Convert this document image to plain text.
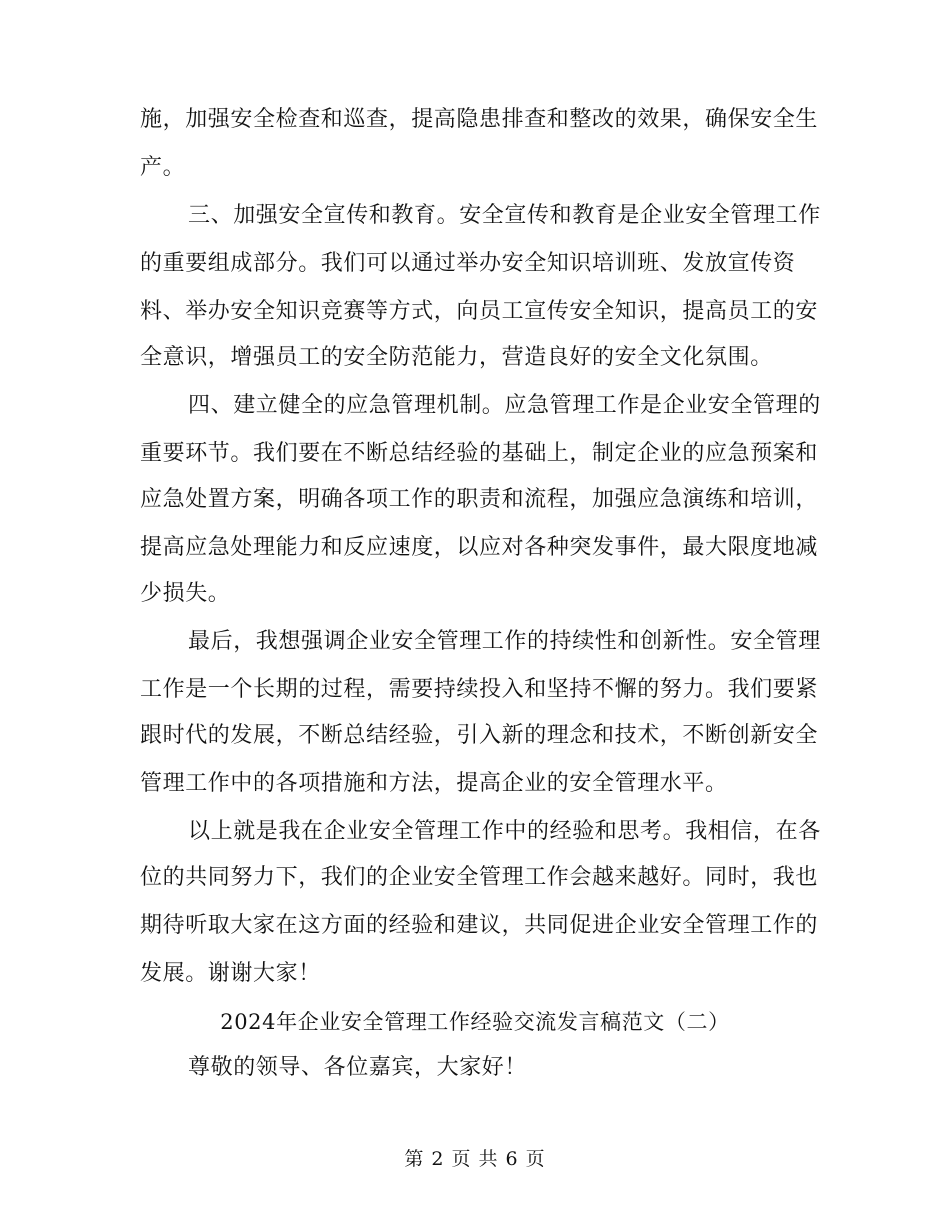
施，加强安全检查和巡查，提高隐患排查和整改的效果，确保安全生
产。
三、加强安全宣传和教育。安全宣传和教育是企业安全管理工作
的重要组成部分。我们可以通过举办安全知识培训班、发放宣传资
料、举办安全知识竞赛等方式，向员工宣传安全知识，提高员工的安
全意识，增强员工的安全防范能力，营造良好的安全文化氛围。
四、建立健全的应急管理机制。应急管理工作是企业安全管理的
重要环节。我们要在不断总结经验的基础上，制定企业的应急预案和
应急处置方案，明确各项工作的职责和流程，加强应急演练和培训，
提高应急处理能力和反应速度，以应对各种突发事件，最大限度地减
少损失。
最后，我想强调企业安全管理工作的持续性和创新性。安全管理
工作是一个长期的过程，需要持续投入和坚持不懈的努力。我们要紧
跟时代的发展，不断总结经验，引入新的理念和技术，不断创新安全
管理工作中的各项措施和方法，提高企业的安全管理水平。
以上就是我在企业安全管理工作中的经验和思考。我相信，在各
位的共同努力下，我们的企业安全管理工作会越来越好。同时，我也
期待听取大家在这方面的经验和建议，共同促进企业安全管理工作的
发展。谢谢大家！
2024年企业安全管理工作经验交流发言稿范文（二）
尊敬的领导、各位嘉宾，大家好！
第 2 页 共 6 页
